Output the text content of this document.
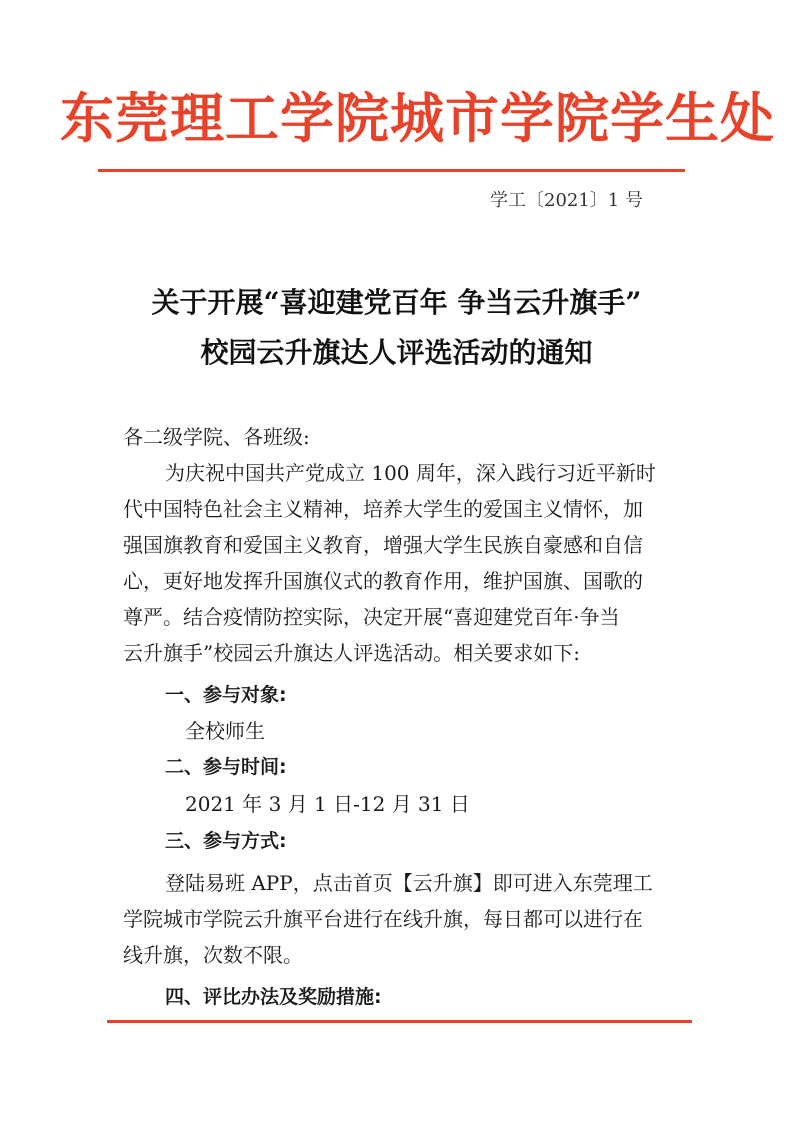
东莞理工学院城市学院学生处
学工〔2021〕1 号
关于开展“喜迎建党百年 争当云升旗手”
校园云升旗达人评选活动的通知
各二级学院、各班级:
为庆祝中国共产党成立 100 周年，深入践行习近平新时
代中国特色社会主义精神，培养大学生的爱国主义情怀，加
强国旗教育和爱国主义教育，增强大学生民族自豪感和自信
心，更好地发挥升国旗仪式的教育作用，维护国旗、国歌的
尊严。结合疫情防控实际，决定开展“喜迎建党百年·争当
云升旗手”校园云升旗达人评选活动。相关要求如下:
一、参与对象:
全校师生
二、参与时间:
2021 年 3 月 1 日-12 月 31 日
三、参与方式:
登陆易班 APP，点击首页【云升旗】即可进入东莞理工
学院城市学院云升旗平台进行在线升旗，每日都可以进行在
线升旗，次数不限。
四、评比办法及奖励措施:
